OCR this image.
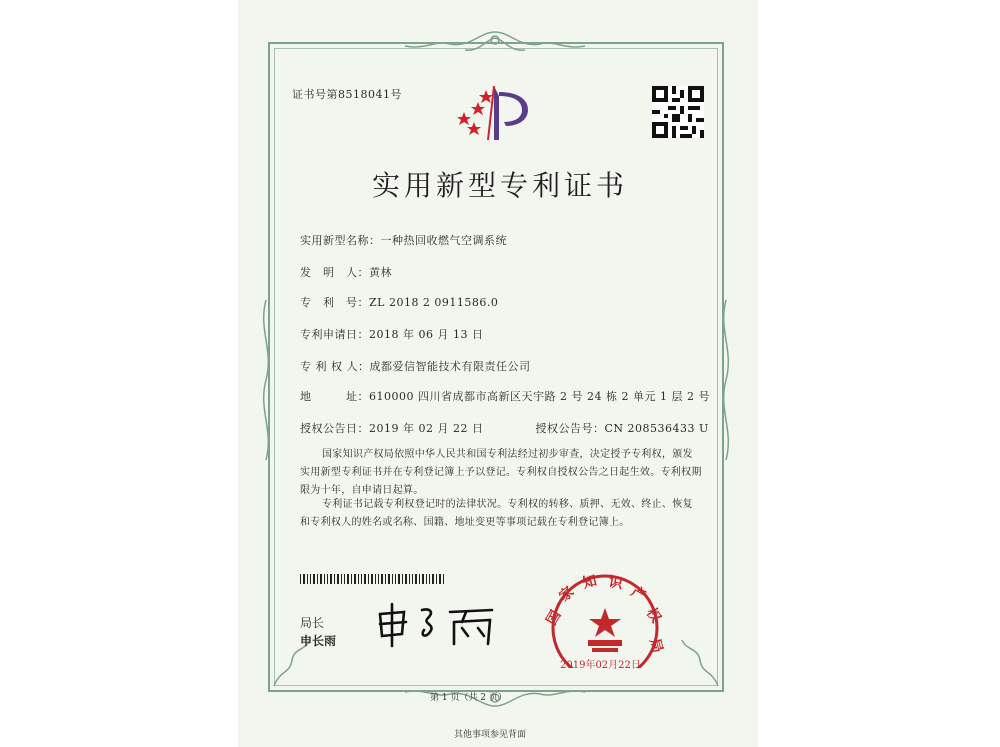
证书号第8518041号
实用新型专利证书
实用新型名称：一种热回收燃气空调系统
发　明　人：黄林
专　利　号：ZL 2018 2 0911586.0
专利申请日：2018 年 06 月 13 日
专 利 权 人：成都爱信智能技术有限责任公司
地　　　址：610000 四川省成都市高新区天宇路 2 号 24 栋 2 单元 1 层 2 号
授权公告日：2019 年 02 月 22 日	授权公告号：CN 208536433 U
国家知识产权局依照中华人民共和国专利法经过初步审查，决定授予专利权，颁发实用新型专利证书并在专利登记簿上予以登记。专利权自授权公告之日起生效。专利权期限为十年，自申请日起算。
专利证书记载专利权登记时的法律状况。专利权的转移、质押、无效、终止、恢复和专利权人的姓名或名称、国籍、地址变更等事项记载在专利登记簿上。
局长
申长雨
国
家
知 识
产
权
局
2019年02月22日
第 1 页（共 2 页）
其他事项参见背面
